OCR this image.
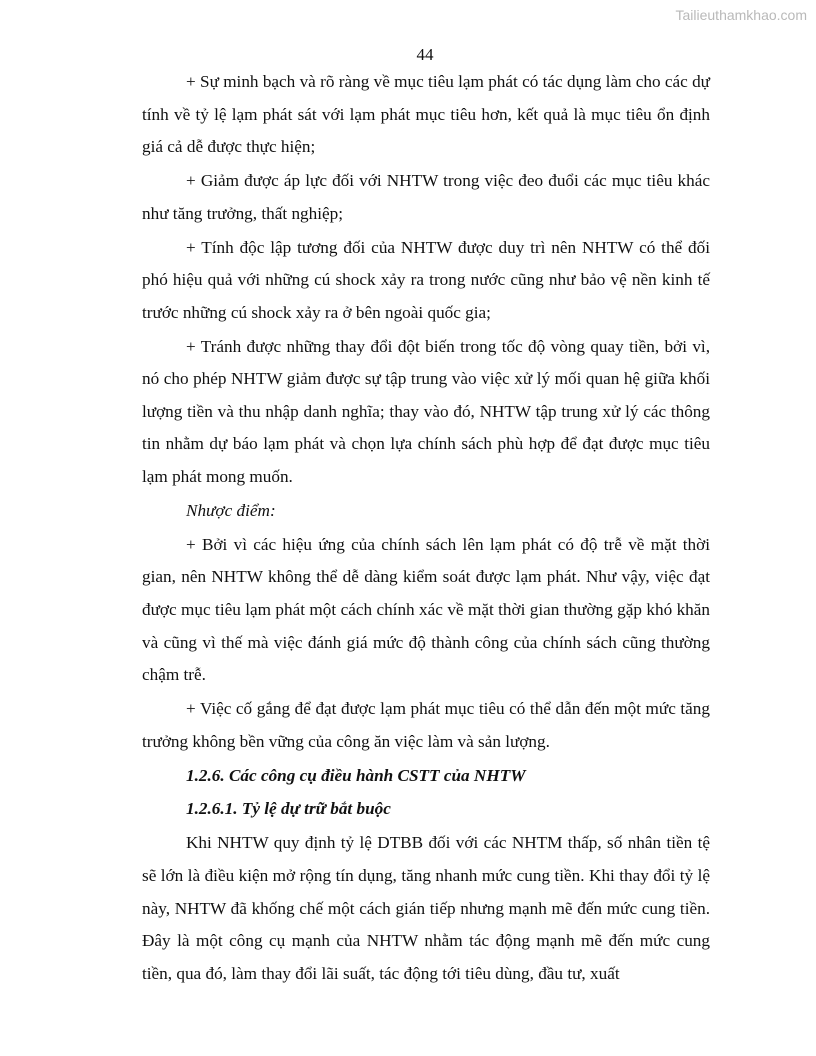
Tailieuthamkhao.com
44

+ Sự minh bạch và rõ ràng về mục tiêu lạm phát có tác dụng làm cho các dự tính về tỷ lệ lạm phát sát với lạm phát mục tiêu hơn, kết quả là mục tiêu ổn định giá cả dễ được thực hiện;

+ Giảm được áp lực đối với NHTW trong việc đeo đuổi các mục tiêu khác như tăng trưởng, thất nghiệp;

+ Tính độc lập tương đối của NHTW được duy trì nên NHTW có thể đối phó hiệu quả với những cú shock xảy ra trong nước cũng như bảo vệ nền kinh tế trước những cú shock xảy ra ở bên ngoài quốc gia;

+ Tránh được những thay đổi đột biến trong tốc độ vòng quay tiền, bởi vì, nó cho phép NHTW giảm được sự tập trung vào việc xử lý mối quan hệ giữa khối lượng tiền và thu nhập danh nghĩa; thay vào đó, NHTW tập trung xử lý các thông tin nhằm dự báo lạm phát và chọn lựa chính sách phù hợp để đạt được mục tiêu lạm phát mong muốn.

Nhược điểm:

+ Bởi vì các hiệu ứng của chính sách lên lạm phát có độ trễ về mặt thời gian, nên NHTW không thể dễ dàng kiểm soát được lạm phát. Như vậy, việc đạt được mục tiêu lạm phát một cách chính xác về mặt thời gian thường gặp khó khăn và cũng vì thế mà việc đánh giá mức độ thành công của chính sách cũng thường chậm trễ.

+ Việc cố gắng để đạt được lạm phát mục tiêu có thể dẫn đến một mức tăng trưởng không bền vững của công ăn việc làm và sản lượng.

1.2.6. Các công cụ điều hành CSTT của NHTW

1.2.6.1. Tỷ lệ dự trữ bắt buộc

Khi NHTW quy định tỷ lệ DTBB đối với các NHTM thấp, số nhân tiền tệ sẽ lớn là điều kiện mở rộng tín dụng, tăng nhanh mức cung tiền. Khi thay đổi tỷ lệ này, NHTW đã khống chế một cách gián tiếp nhưng mạnh mẽ đến mức cung tiền. Đây là một công cụ mạnh của NHTW nhằm tác động mạnh mẽ đến mức cung tiền, qua đó, làm thay đổi lãi suất, tác động tới tiêu dùng, đầu tư, xuất
